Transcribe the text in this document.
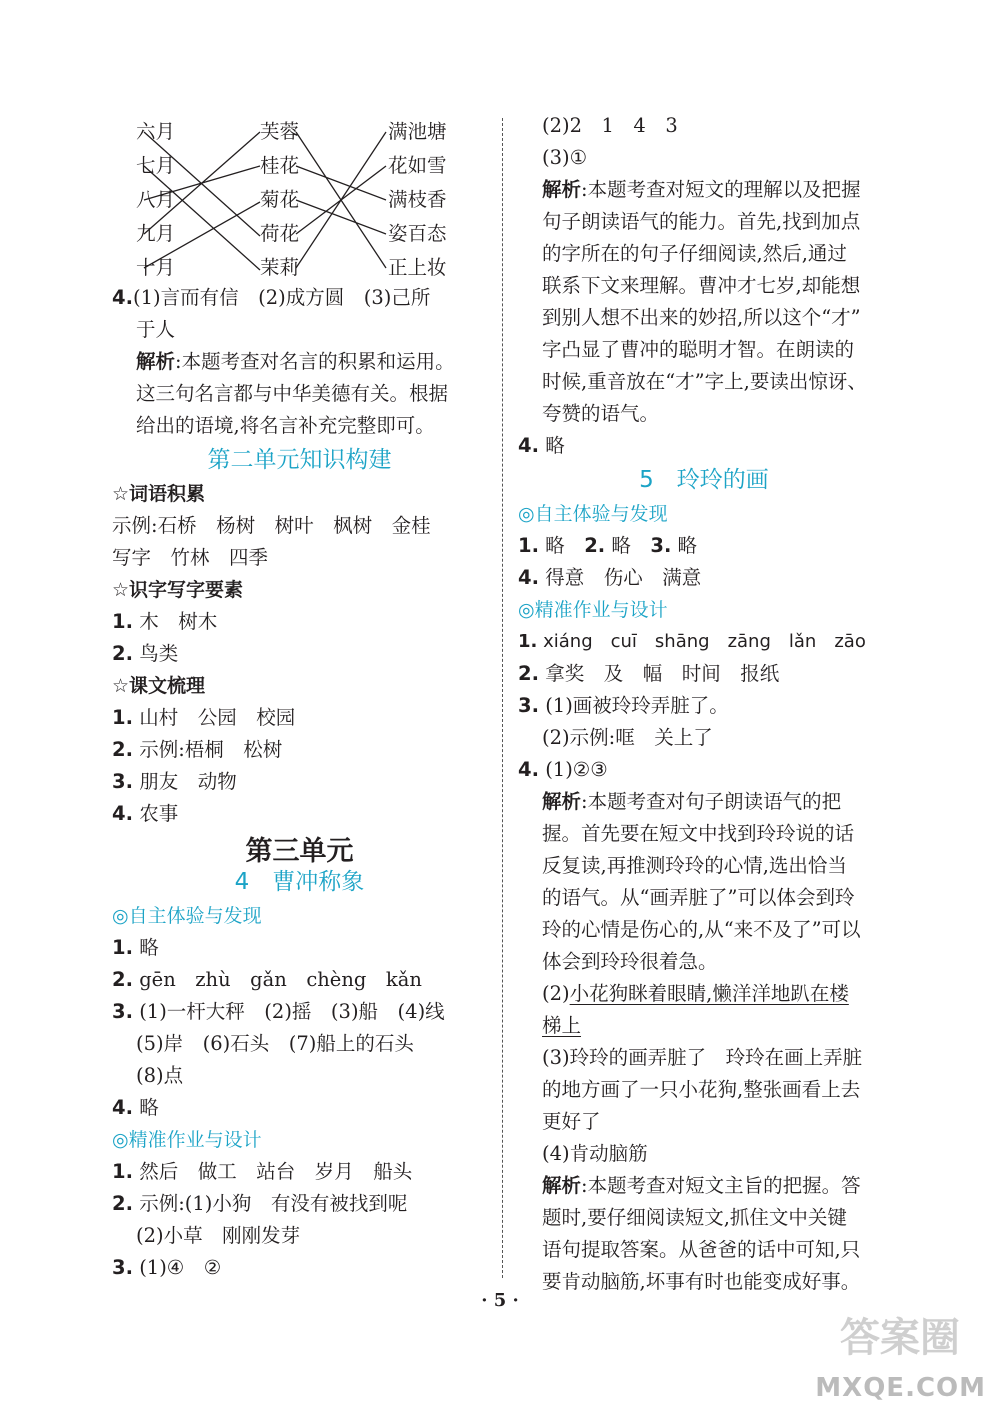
六月
七月
八月
九月
十月
芙蓉
桂花
菊花
荷花
茉莉
满池塘
花如雪
满枝香
姿百态
正上妆
4.(1)言而有信　(2)成方圆　(3)己所
于人
解析:本题考查对名言的积累和运用。
这三句名言都与中华美德有关。根据
给出的语境,将名言补充完整即可。
第二单元知识构建
☆词语积累
示例:石桥　杨树　树叶　枫树　金桂
写字　竹林　四季
☆识字写字要素
1. 木　树木
2. 鸟类
☆课文梳理
1. 山村　公园　校园
2. 示例:梧桐　松树
3. 朋友　动物
4. 农事
第三单元
4　曹冲称象
◎自主体验与发现
1. 略
2. gēn　zhù　gǎn　chèng　kǎn
3. (1)一杆大秤　(2)摇　(3)船　(4)线
(5)岸　(6)石头　(7)船上的石头
(8)点
4. 略
◎精准作业与设计
1. 然后　做工　站台　岁月　船头
2. 示例:(1)小狗　有没有被找到呢
(2)小草　刚刚发芽
3. (1)④　②
(2)2　1　4　3
(3)①
解析:本题考查对短文的理解以及把握
句子朗读语气的能力。首先,找到加点
的字所在的句子仔细阅读,然后,通过
联系下文来理解。曹冲才七岁,却能想
到别人想不出来的妙招,所以这个“才”
字凸显了曹冲的聪明才智。在朗读的
时候,重音放在“才”字上,要读出惊讶、
夸赞的语气。
4. 略
5　玲玲的画
◎自主体验与发现
1. 略　2. 略　3. 略
4. 得意　伤心　满意
◎精准作业与设计
1. xiáng　cuī　shāng　zāng　lǎn　zāo
2. 拿奖　及　幅　时间　报纸
3. (1)画被玲玲弄脏了。
(2)示例:哐　关上了
4. (1)②③
解析:本题考查对句子朗读语气的把
握。首先要在短文中找到玲玲说的话
反复读,再推测玲玲的心情,选出恰当
的语气。从“画弄脏了”可以体会到玲
玲的心情是伤心的,从“来不及了”可以
体会到玲玲很着急。
(2)小花狗眯着眼睛,懒洋洋地趴在楼
梯上
(3)玲玲的画弄脏了　玲玲在画上弄脏
的地方画了一只小花狗,整张画看上去
更好了
(4)肯动脑筋
解析:本题考查对短文主旨的把握。答
题时,要仔细阅读短文,抓住文中关键
语句提取答案。从爸爸的话中可知,只
要肯动脑筋,坏事有时也能变成好事。
· 5 ·
答案圈
MXQE.COM
